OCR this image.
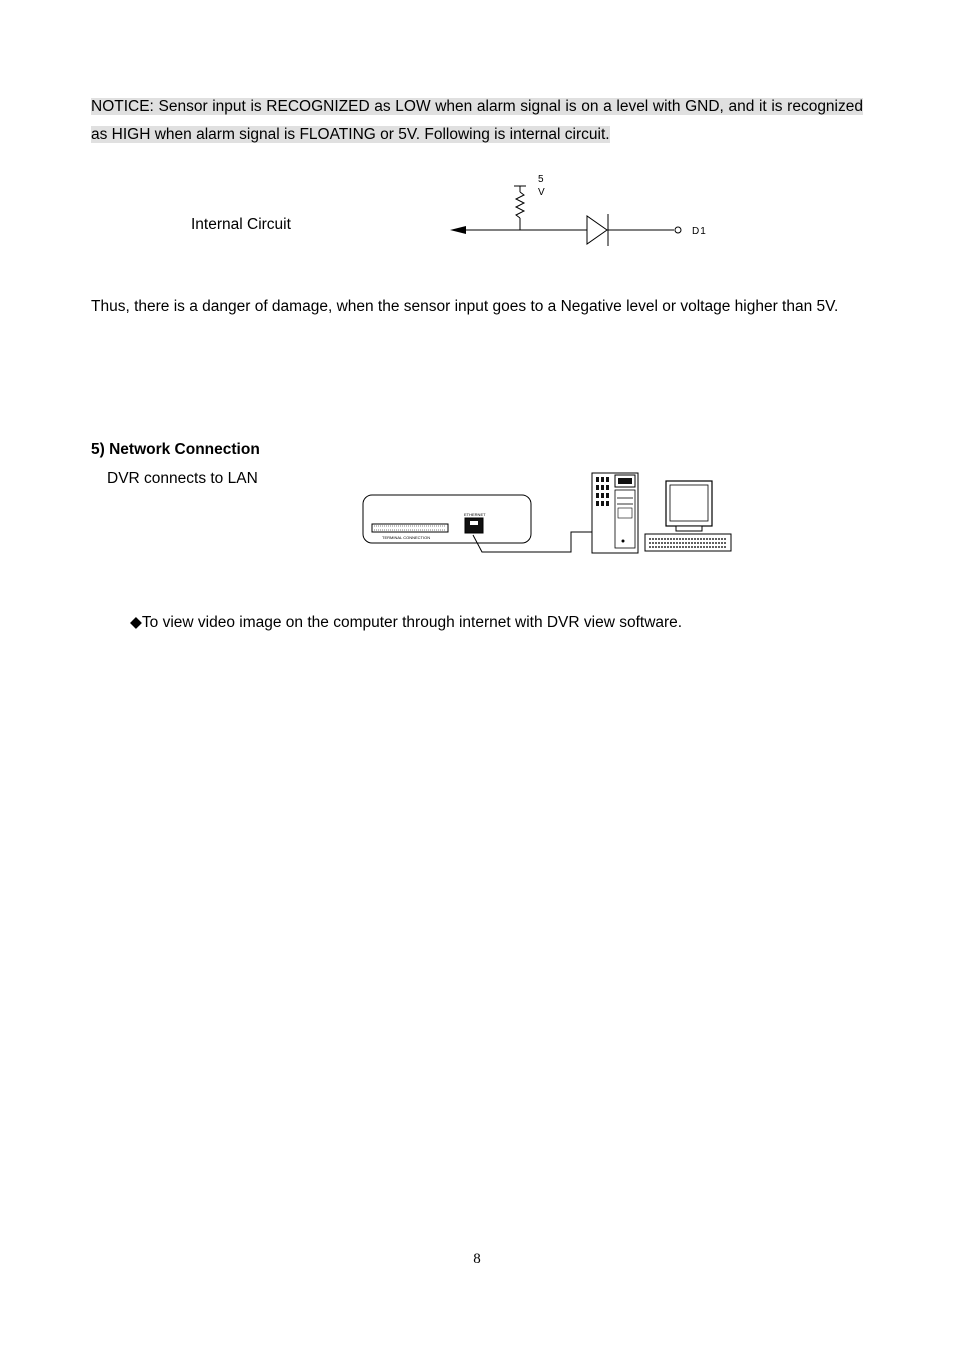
NOTICE: Sensor input is RECOGNIZED as LOW when alarm signal is on a level with GND, and it is recognized as HIGH when alarm signal is FLOATING or 5V. Following is internal circuit.
Internal Circuit
5
V
D1
Thus, there is a danger of damage, when the sensor input goes to a Negative level or voltage higher than 5V.
5) Network Connection
DVR connects to LAN
TERMINAL CONNECTION
ETHERNET
◆To view video image on the computer through internet with DVR view software.
8
